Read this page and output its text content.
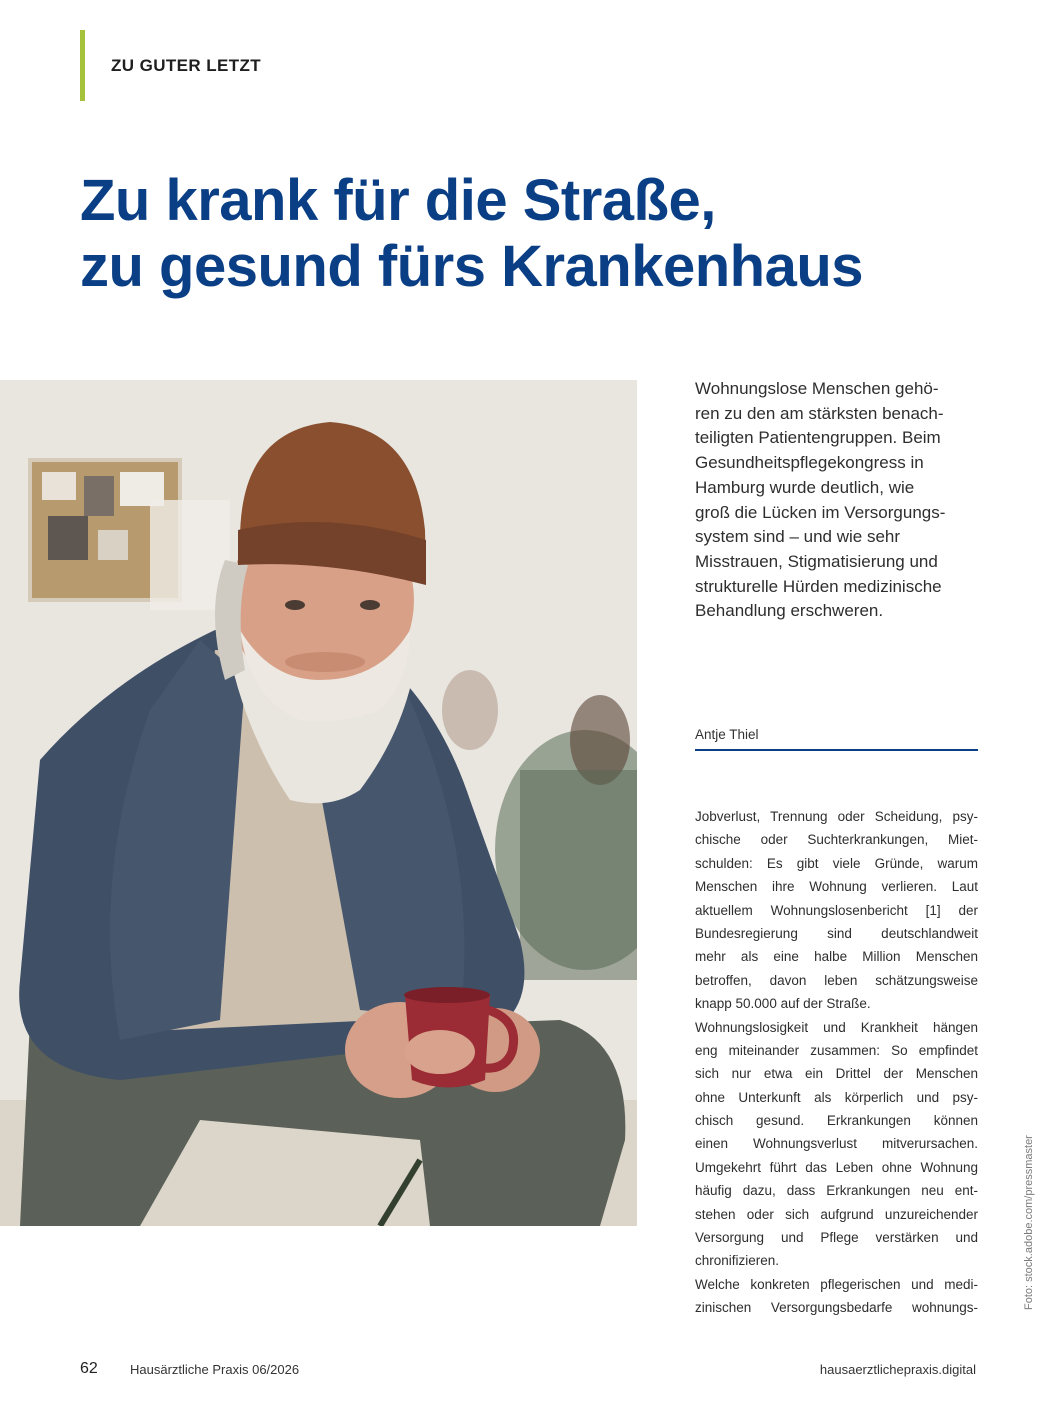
ZU GUTER LETZT

Zu krank für die Straße,
zu gesund fürs Krankenhaus

Wohnungslose Menschen gehö-
ren zu den am stärksten benach-
teiligten Patientengruppen. Beim
Gesundheitspflegekongress in
Hamburg wurde deutlich, wie
groß die Lücken im Versorgungs-
system sind – und wie sehr
Misstrauen, Stigmatisierung und
strukturelle Hürden medizinische
Behandlung erschweren.

Antje Thiel

Jobverlust, Trennung oder Scheidung, psy-
chische oder Suchterkrankungen, Miet-
schulden: Es gibt viele Gründe, warum
Menschen ihre Wohnung verlieren. Laut
aktuellem Wohnungslosenbericht [1] der
Bundesregierung sind deutschlandweit
mehr als eine halbe Million Menschen
betroffen, davon leben schätzungsweise
knapp 50.000 auf der Straße.
Wohnungslosigkeit und Krankheit hängen
eng miteinander zusammen: So empfindet
sich nur etwa ein Drittel der Menschen
ohne Unterkunft als körperlich und psy-
chisch gesund. Erkrankungen können
einen Wohnungsverlust mitverursachen.
Umgekehrt führt das Leben ohne Wohnung
häufig dazu, dass Erkrankungen neu ent-
stehen oder sich aufgrund unzureichender
Versorgung und Pflege verstärken und
chronifizieren.
Welche konkreten pflegerischen und medi-
zinischen Versorgungsbedarfe wohnungs-	Foto: stock.adobe.com/pressmaster

62 Hausärztliche Praxis 06/2026	hausaerztlichepraxis.digital
